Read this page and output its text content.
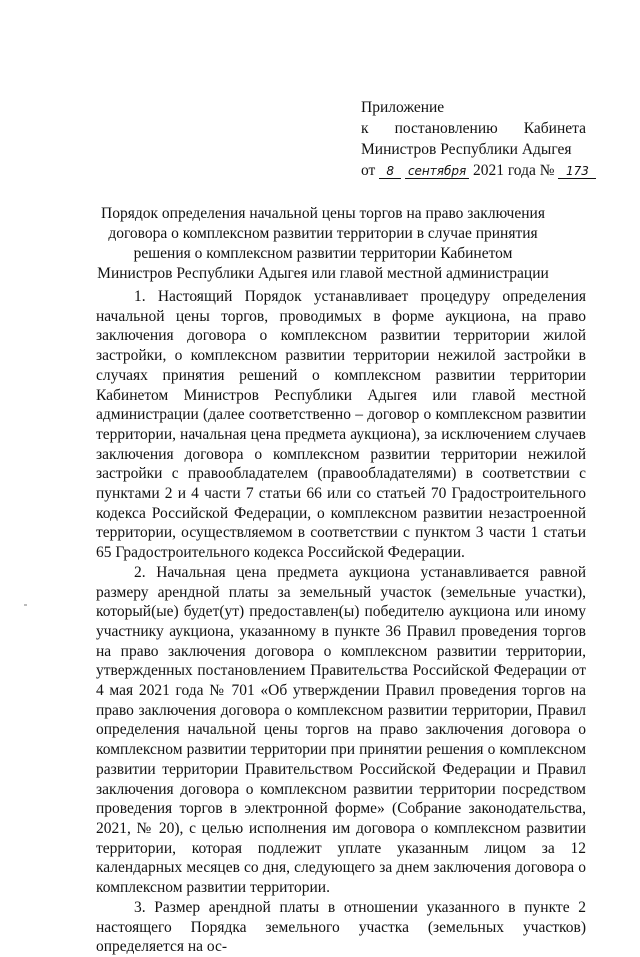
Приложение
к постановлению Кабинета
Министров Республики Адыгея
от 8 сентября 2021 года № 173
Порядок определения начальной цены торгов на право заключения договора о комплексном развитии территории в случае принятия решения о комплексном развитии территории Кабинетом Министров Республики Адыгея или главой местной администрации

1. Настоящий Порядок устанавливает процедуру определения начальной цены торгов, проводимых в форме аукциона, на право заключения договора о комплексном развитии территории жилой застройки, о комплексном развитии территории нежилой застройки в случаях принятия решений о комплексном развитии территории Кабинетом Министров Республики Адыгея или главой местной администрации (далее соответственно – договор о комплексном развитии территории, начальная цена предмета аукциона), за исключением случаев заключения договора о комплексном развитии территории нежилой застройки с правообладателем (правообладателями) в соответствии с пунктами 2 и 4 части 7 статьи 66 или со статьей 70 Градостроительного кодекса Российской Федерации, о комплексном развитии незастроенной территории, осуществляемом в соответствии с пунктом 3 части 1 статьи 65 Градостроительного кодекса Российской Федерации.

2. Начальная цена предмета аукциона устанавливается равной размеру арендной платы за земельный участок (земельные участки), который(ые) будет(ут) предоставлен(ы) победителю аукциона или иному участнику аукциона, указанному в пункте 36 Правил проведения торгов на право заключения договора о комплексном развитии территории, утвержденных постановлением Правительства Российской Федерации от 4 мая 2021 года № 701 «Об утверждении Правил проведения торгов на право заключения договора о комплексном развитии территории, Правил определения начальной цены торгов на право заключения договора о комплексном развитии территории при принятии решения о комплексном развитии территории Правительством Российской Федерации и Правил заключения договора о комплексном развитии территории посредством проведения торгов в электронной форме» (Собрание законодательства, 2021, № 20), с целью исполнения им договора о комплексном развитии территории, которая подлежит уплате указанным лицом за 12 календарных месяцев со дня, следующего за днем заключения договора о комплексном развитии территории.

3. Размер арендной платы в отношении указанного в пункте 2 настоящего Порядка земельного участка (земельных участков) определяется на ос-
